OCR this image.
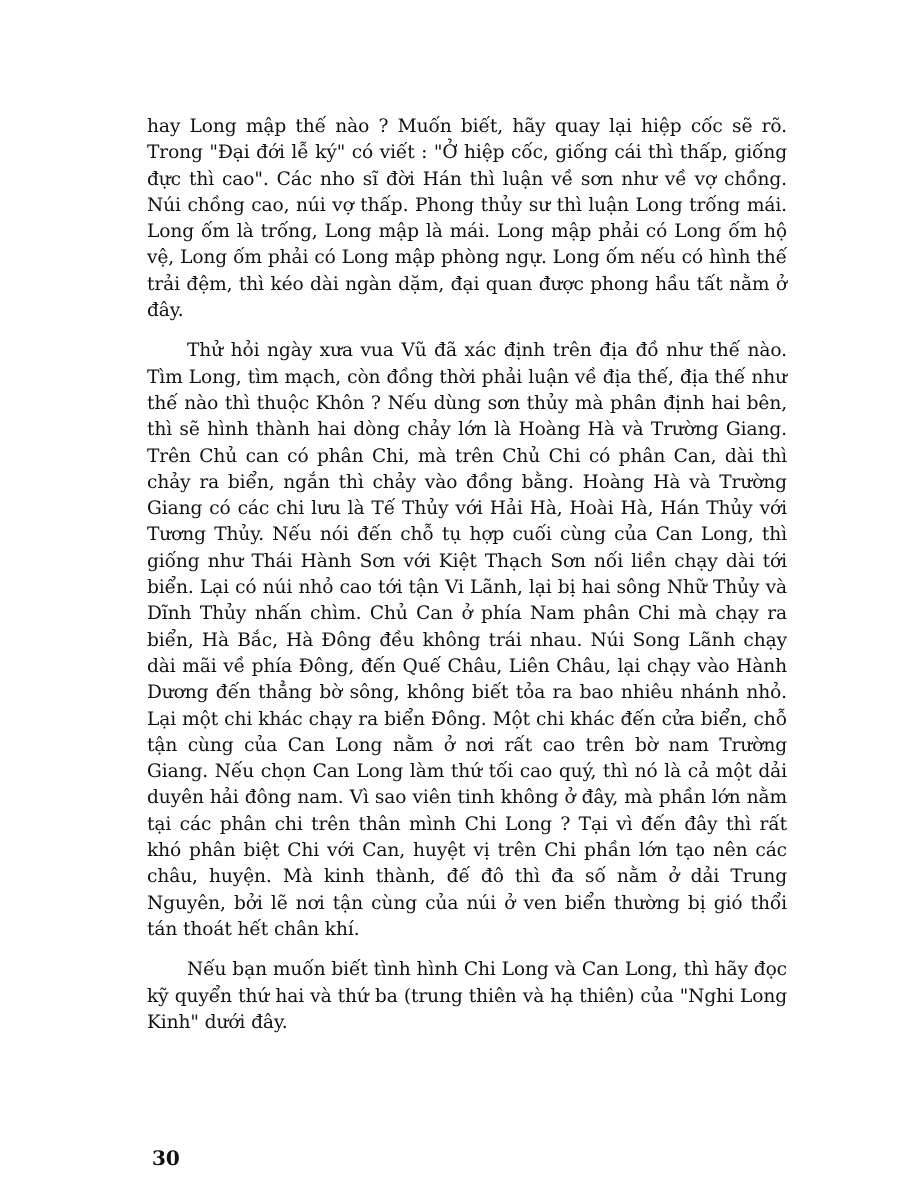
hay Long mập thế nào ? Muốn biết, hãy quay lại hiệp cốc sẽ rõ. Trong "Đại đới lễ ký" có viết : "Ở hiệp cốc, giống cái thì thấp, giống đực thì cao". Các nho sĩ đời Hán thì luận về sơn như về vợ chồng. Núi chồng cao, núi vợ thấp. Phong thủy sư thì luận Long trống mái. Long ốm là trống, Long mập là mái. Long mập phải có Long ốm hộ vệ, Long ốm phải có Long mập phòng ngự. Long ốm nếu có hình thế trải đệm, thì kéo dài ngàn dặm, đại quan được phong hầu tất nằm ở đây.

Thử hỏi ngày xưa vua Vũ đã xác định trên địa đồ như thế nào. Tìm Long, tìm mạch, còn đồng thời phải luận về địa thế, địa thế như thế nào thì thuộc Khôn ? Nếu dùng sơn thủy mà phân định hai bên, thì sẽ hình thành hai dòng chảy lớn là Hoàng Hà và Trường Giang. Trên Chủ can có phân Chi, mà trên Chủ Chi có phân Can, dài thì chảy ra biển, ngắn thì chảy vào đồng bằng. Hoàng Hà và Trường Giang có các chi lưu là Tế Thủy với Hải Hà, Hoài Hà, Hán Thủy với Tương Thủy. Nếu nói đến chỗ tụ hợp cuối cùng của Can Long, thì giống như Thái Hành Sơn với Kiệt Thạch Sơn nối liền chạy dài tới biển. Lại có núi nhỏ cao tới tận Vi Lãnh, lại bị hai sông Nhữ Thủy và Dĩnh Thủy nhấn chìm. Chủ Can ở phía Nam phân Chi mà chạy ra biển, Hà Bắc, Hà Đông đều không trái nhau. Núi Song Lãnh chạy dài mãi về phía Đông, đến Quế Châu, Liên Châu, lại chạy vào Hành Dương đến thẳng bờ sông, không biết tỏa ra bao nhiêu nhánh nhỏ. Lại một chi khác chạy ra biển Đông. Một chi khác đến cửa biển, chỗ tận cùng của Can Long nằm ở nơi rất cao trên bờ nam Trường Giang. Nếu chọn Can Long làm thứ tối cao quý, thì nó là cả một dải duyên hải đông nam. Vì sao viên tinh không ở đây, mà phần lớn nằm tại các phân chi trên thân mình Chi Long ? Tại vì đến đây thì rất khó phân biệt Chi với Can, huyệt vị trên Chi phần lớn tạo nên các châu, huyện. Mà kinh thành, đế đô thì đa số nằm ở dải Trung Nguyên, bởi lẽ nơi tận cùng của núi ở ven biển thường bị gió thổi tán thoát hết chân khí.

Nếu bạn muốn biết tình hình Chi Long và Can Long, thì hãy đọc kỹ quyển thứ hai và thứ ba (trung thiên và hạ thiên) của "Nghi Long Kinh" dưới đây.

30
